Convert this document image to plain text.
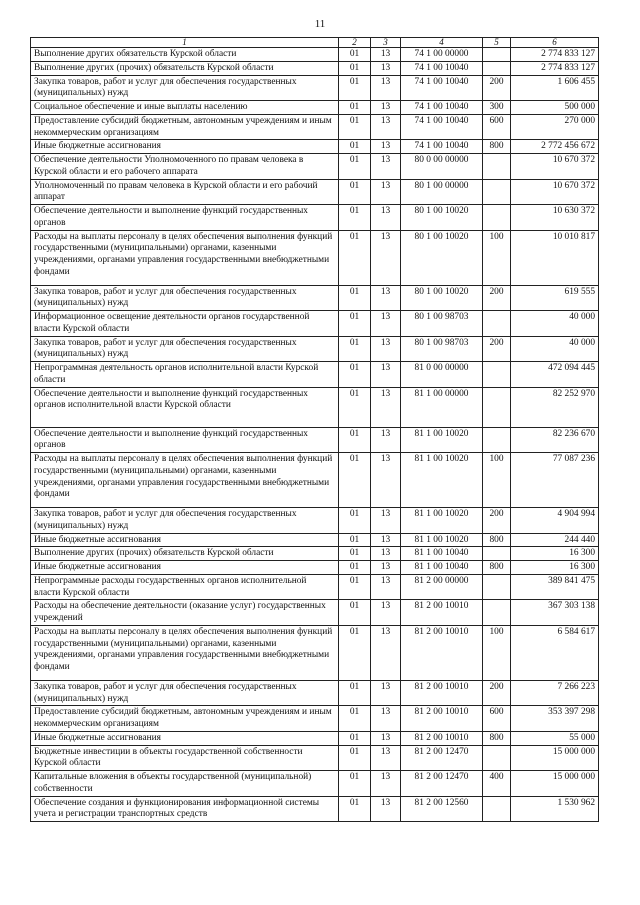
11
1	2	3	4	5	6
Выполнение других обязательств Курской области	01	13	74 1 00 00000		2 774 833 127
Выполнение других (прочих) обязательств Курской области	01	13	74 1 00 10040		2 774 833 127
Закупка товаров, работ и услуг для обеспечения государственных (муниципальных) нужд	01	13	74 1 00 10040	200	1 606 455
Социальное обеспечение и иные выплаты населению	01	13	74 1 00 10040	300	500 000
Предоставление субсидий бюджетным, автономным учреждениям и иным некоммерческим организациям	01	13	74 1 00 10040	600	270 000
Иные бюджетные ассигнования	01	13	74 1 00 10040	800	2 772 456 672
Обеспечение деятельности Уполномоченного по правам человека в Курской области и его рабочего аппарата	01	13	80 0 00 00000		10 670 372
Уполномоченный по правам человека в Курской области и его рабочий аппарат	01	13	80 1 00 00000		10 670 372
Обеспечение деятельности и выполнение функций государственных органов	01	13	80 1 00 10020		10 630 372
Расходы на выплаты персоналу в целях обеспечения выполнения функций государственными (муниципальными) органами, казенными учреждениями, органами управления государственными внебюджетными фондами	01	13	80 1 00 10020	100	10 010 817
Закупка товаров, работ и услуг для обеспечения государственных (муниципальных) нужд	01	13	80 1 00 10020	200	619 555
Информационное освещение деятельности органов государственной власти Курской области	01	13	80 1 00 98703		40 000
Закупка товаров, работ и услуг для обеспечения государственных (муниципальных) нужд	01	13	80 1 00 98703	200	40 000
Непрограммная деятельность органов исполнительной власти Курской области	01	13	81 0 00 00000		472 094 445
Обеспечение деятельности и выполнение функций государственных органов исполнительной власти Курской области	01	13	81 1 00 00000		82 252 970
Обеспечение деятельности и выполнение функций государственных органов	01	13	81 1 00 10020		82 236 670
Расходы на выплаты персоналу в целях обеспечения выполнения функций государственными (муниципальными) органами, казенными учреждениями, органами управления государственными внебюджетными фондами	01	13	81 1 00 10020	100	77 087 236
Закупка товаров, работ и услуг для обеспечения государственных (муниципальных) нужд	01	13	81 1 00 10020	200	4 904 994
Иные бюджетные ассигнования	01	13	81 1 00 10020	800	244 440
Выполнение других (прочих) обязательств Курской области	01	13	81 1 00 10040		16 300
Иные бюджетные ассигнования	01	13	81 1 00 10040	800	16 300
Непрограммные расходы государственных органов исполнительной власти Курской области	01	13	81 2 00 00000		389 841 475
Расходы на обеспечение деятельности (оказание услуг) государственных учреждений	01	13	81 2 00 10010		367 303 138
Расходы на выплаты персоналу в целях обеспечения выполнения функций государственными (муниципальными) органами, казенными учреждениями, органами управления государственными внебюджетными фондами	01	13	81 2 00 10010	100	6 584 617
Закупка товаров, работ и услуг для обеспечения государственных (муниципальных) нужд	01	13	81 2 00 10010	200	7 266 223
Предоставление субсидий бюджетным, автономным учреждениям и иным некоммерческим организациям	01	13	81 2 00 10010	600	353 397 298
Иные бюджетные ассигнования	01	13	81 2 00 10010	800	55 000
Бюджетные инвестиции в объекты государственной собственности Курской области	01	13	81 2 00 12470		15 000 000
Капитальные вложения в объекты государственной (муниципальной) собственности	01	13	81 2 00 12470	400	15 000 000
Обеспечение создания и функционирования информационной системы учета и регистрации транспортных средств	01	13	81 2 00 12560		1 530 962
